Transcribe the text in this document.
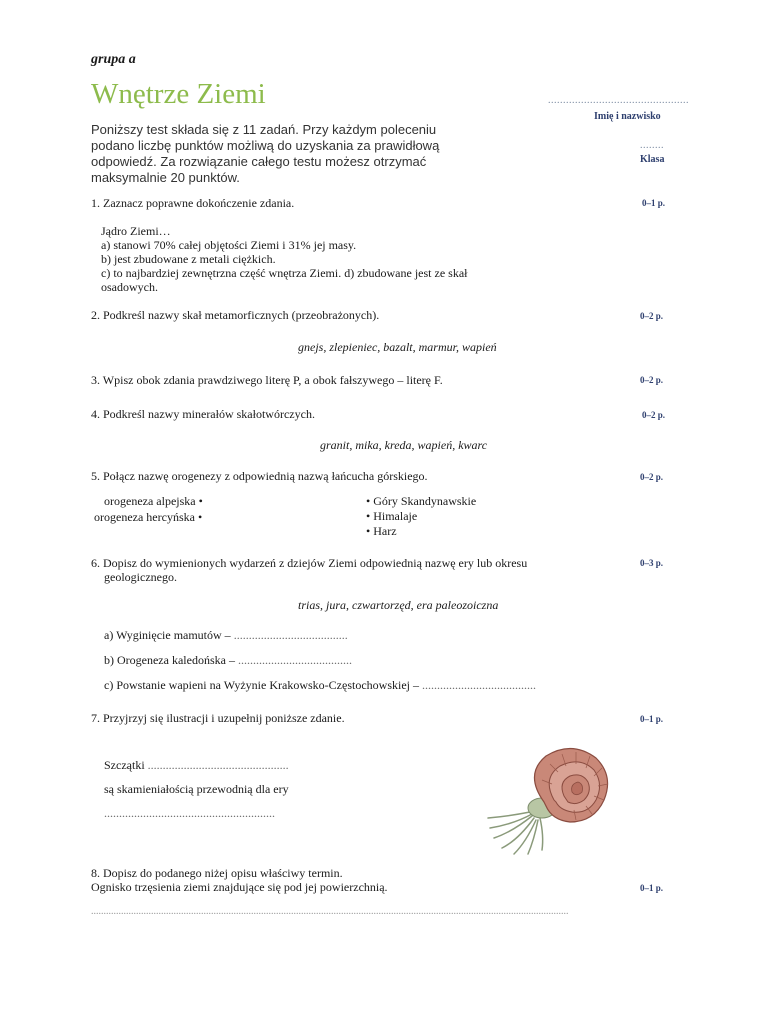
grupa a
Wnętrze Ziemi
Poniższy test składa się z 11 zadań. Przy każdym poleceniu podano liczbę punktów możliwą do uzyskania za prawidłową odpowiedź. Za rozwiązanie całego testu możesz otrzymać maksymalnie 20 punktów.
...............................................
Imię i nazwisko
........
Klasa
1. Zaznacz poprawne dokończenie zdania.	0–1 p.
Jądro Ziemi…
a) stanowi 70% całej objętości Ziemi i 31% jej masy.
b) jest zbudowane z metali ciężkich.
c) to najbardziej zewnętrzna część wnętrza Ziemi. d) zbudowane jest ze skał
osadowych.
2. Podkreśl nazwy skał metamorficznych (przeobrażonych).	0–2 p.
gnejs, zlepieniec, bazalt, marmur, wapień
3. Wpisz obok zdania prawdziwego literę P, a obok fałszywego – literę F.	0–2 p.
4. Podkreśl nazwy minerałów skałotwórczych.	0–2 p.
granit, mika, kreda, wapień, kwarc
5. Połącz nazwę orogenezy z odpowiednią nazwą łańcucha górskiego.	0–2 p.
orogeneza alpejska •
orogeneza hercyńska •
• Góry Skandynawskie
• Himalaje
• Harz
6. Dopisz do wymienionych wydarzeń z dziejów Ziemi odpowiednią nazwę ery lub okresu
geologicznego.
0–3 p.
trias, jura, czwartorzęd, era paleozoiczna
a) Wyginięcie mamutów – ......................................
b) Orogeneza kaledońska – ......................................
c) Powstanie wapieni na Wyżynie Krakowsko-Częstochowskiej – ......................................
7. Przyjrzyj się ilustracji i uzupełnij poniższe zdanie.	0–1 p.
Szczątki ...............................................
są skamieniałością przewodnią dla ery
.........................................................
8. Dopisz do podanego niżej opisu właściwy termin.
Ognisko trzęsienia ziemi znajdujące się pod jej powierzchnią.	0–1 p.
...............................................................................................................................................................................................
